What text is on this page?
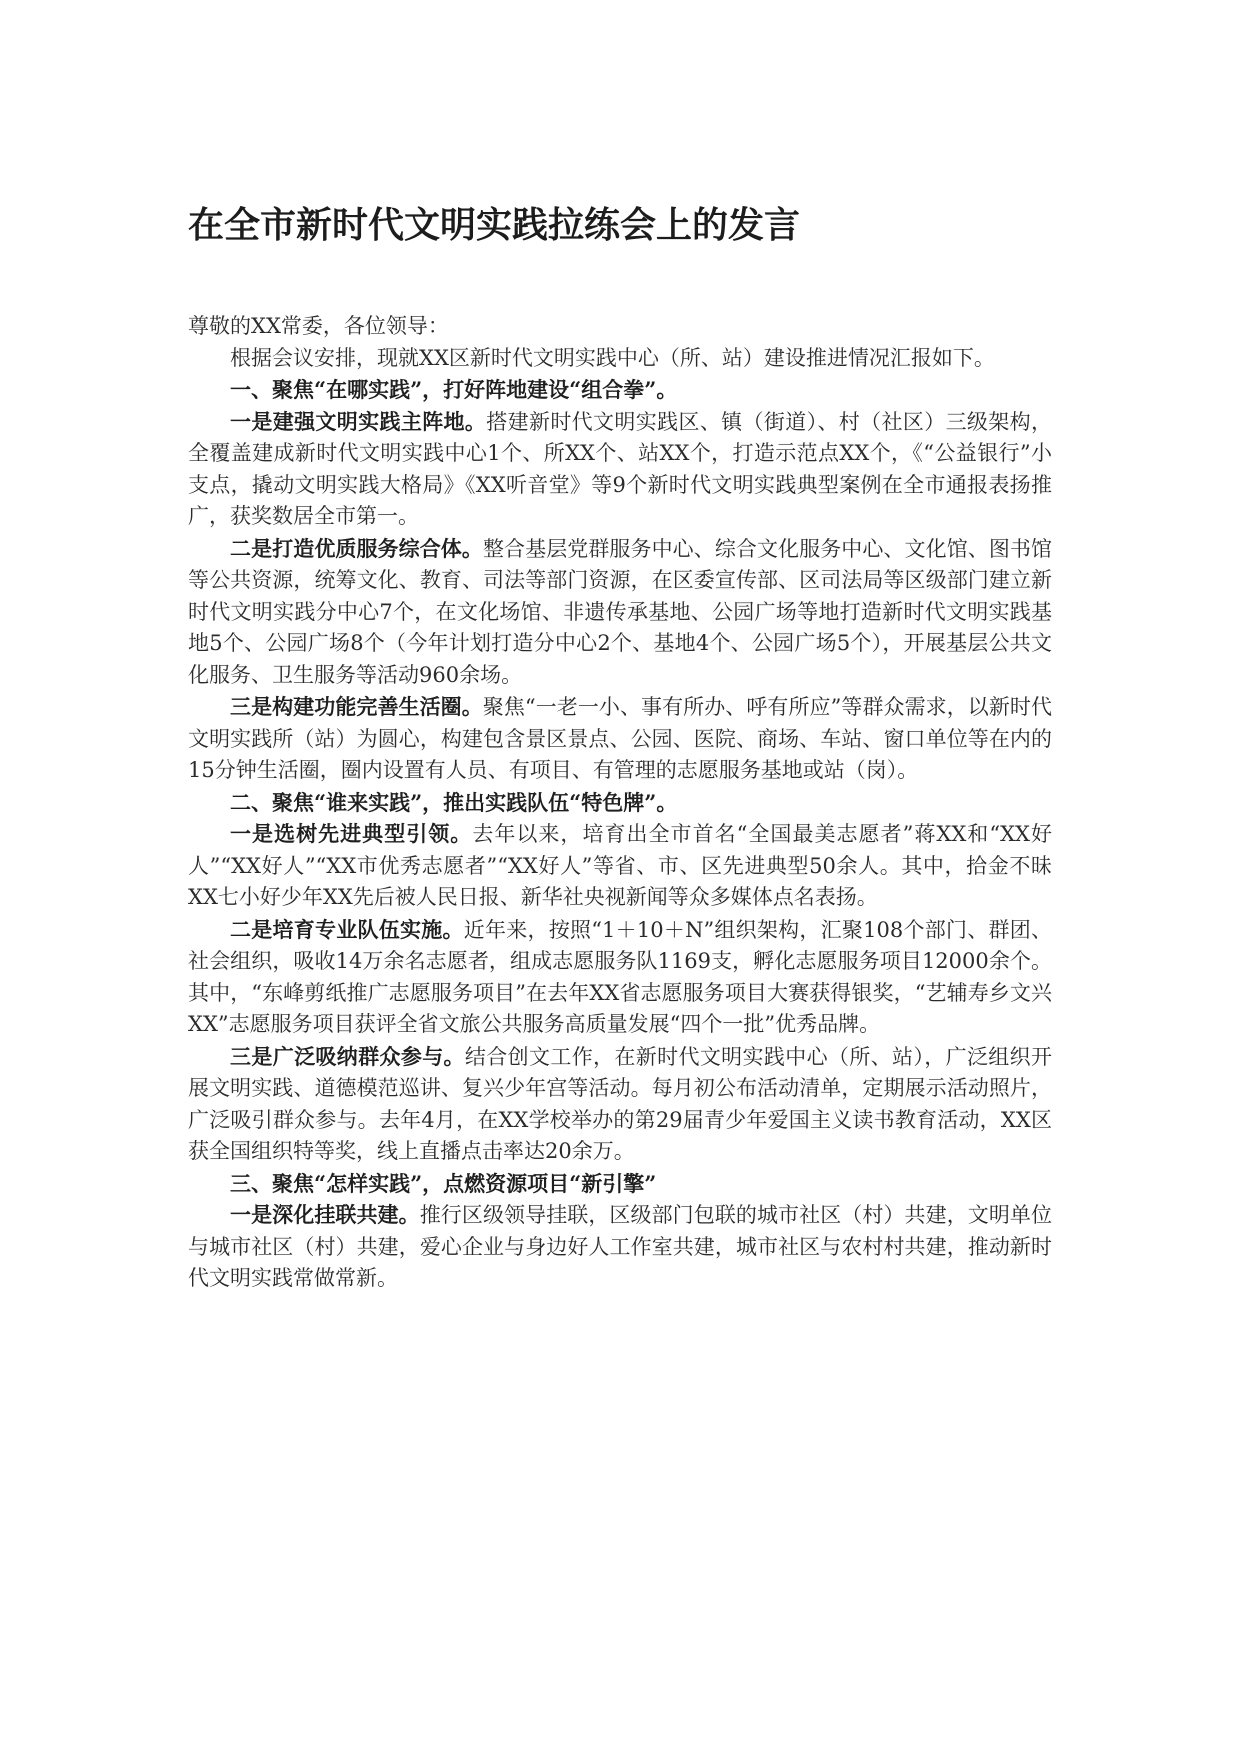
在全市新时代文明实践拉练会上的发言

尊敬的XX常委，各位领导：

根据会议安排，现就XX区新时代文明实践中心（所、站）建设推进情况汇报如下。

一、聚焦“在哪实践”，打好阵地建设“组合拳”。

一是建强文明实践主阵地。搭建新时代文明实践区、镇（街道）、村（社区）三级架构，全覆盖建成新时代文明实践中心1个、所XX个、站XX个，打造示范点XX个，《“公益银行”小支点，撬动文明实践大格局》《XX听音堂》等9个新时代文明实践典型案例在全市通报表扬推广，获奖数居全市第一。

二是打造优质服务综合体。整合基层党群服务中心、综合文化服务中心、文化馆、图书馆等公共资源，统筹文化、教育、司法等部门资源，在区委宣传部、区司法局等区级部门建立新时代文明实践分中心7个，在文化场馆、非遗传承基地、公园广场等地打造新时代文明实践基地5个、公园广场8个（今年计划打造分中心2个、基地4个、公园广场5个），开展基层公共文化服务、卫生服务等活动960余场。

三是构建功能完善生活圈。聚焦“一老一小、事有所办、呼有所应”等群众需求，以新时代文明实践所（站）为圆心，构建包含景区景点、公园、医院、商场、车站、窗口单位等在内的15分钟生活圈，圈内设置有人员、有项目、有管理的志愿服务基地或站（岗）。

二、聚焦“谁来实践”，推出实践队伍“特色牌”。

一是选树先进典型引领。去年以来，培育出全市首名“全国最美志愿者”蒋XX和“XX好人”“XX好人”“XX市优秀志愿者”“XX好人”等省、市、区先进典型50余人。其中，拾金不昧XX七小好少年XX先后被人民日报、新华社央视新闻等众多媒体点名表扬。

二是培育专业队伍实施。近年来，按照“1＋10＋N”组织架构，汇聚108个部门、群团、社会组织，吸收14万余名志愿者，组成志愿服务队1169支，孵化志愿服务项目12000余个。其中，“东峰剪纸推广志愿服务项目”在去年XX省志愿服务项目大赛获得银奖，“艺辅寿乡文兴XX”志愿服务项目获评全省文旅公共服务高质量发展“四个一批”优秀品牌。

三是广泛吸纳群众参与。结合创文工作，在新时代文明实践中心（所、站），广泛组织开展文明实践、道德模范巡讲、复兴少年宫等活动。每月初公布活动清单，定期展示活动照片，广泛吸引群众参与。去年4月，在XX学校举办的第29届青少年爱国主义读书教育活动，XX区获全国组织特等奖，线上直播点击率达20余万。

三、聚焦“怎样实践”，点燃资源项目“新引擎”

一是深化挂联共建。推行区级领导挂联，区级部门包联的城市社区（村）共建，文明单位与城市社区（村）共建，爱心企业与身边好人工作室共建，城市社区与农村村共建，推动新时代文明实践常做常新。
